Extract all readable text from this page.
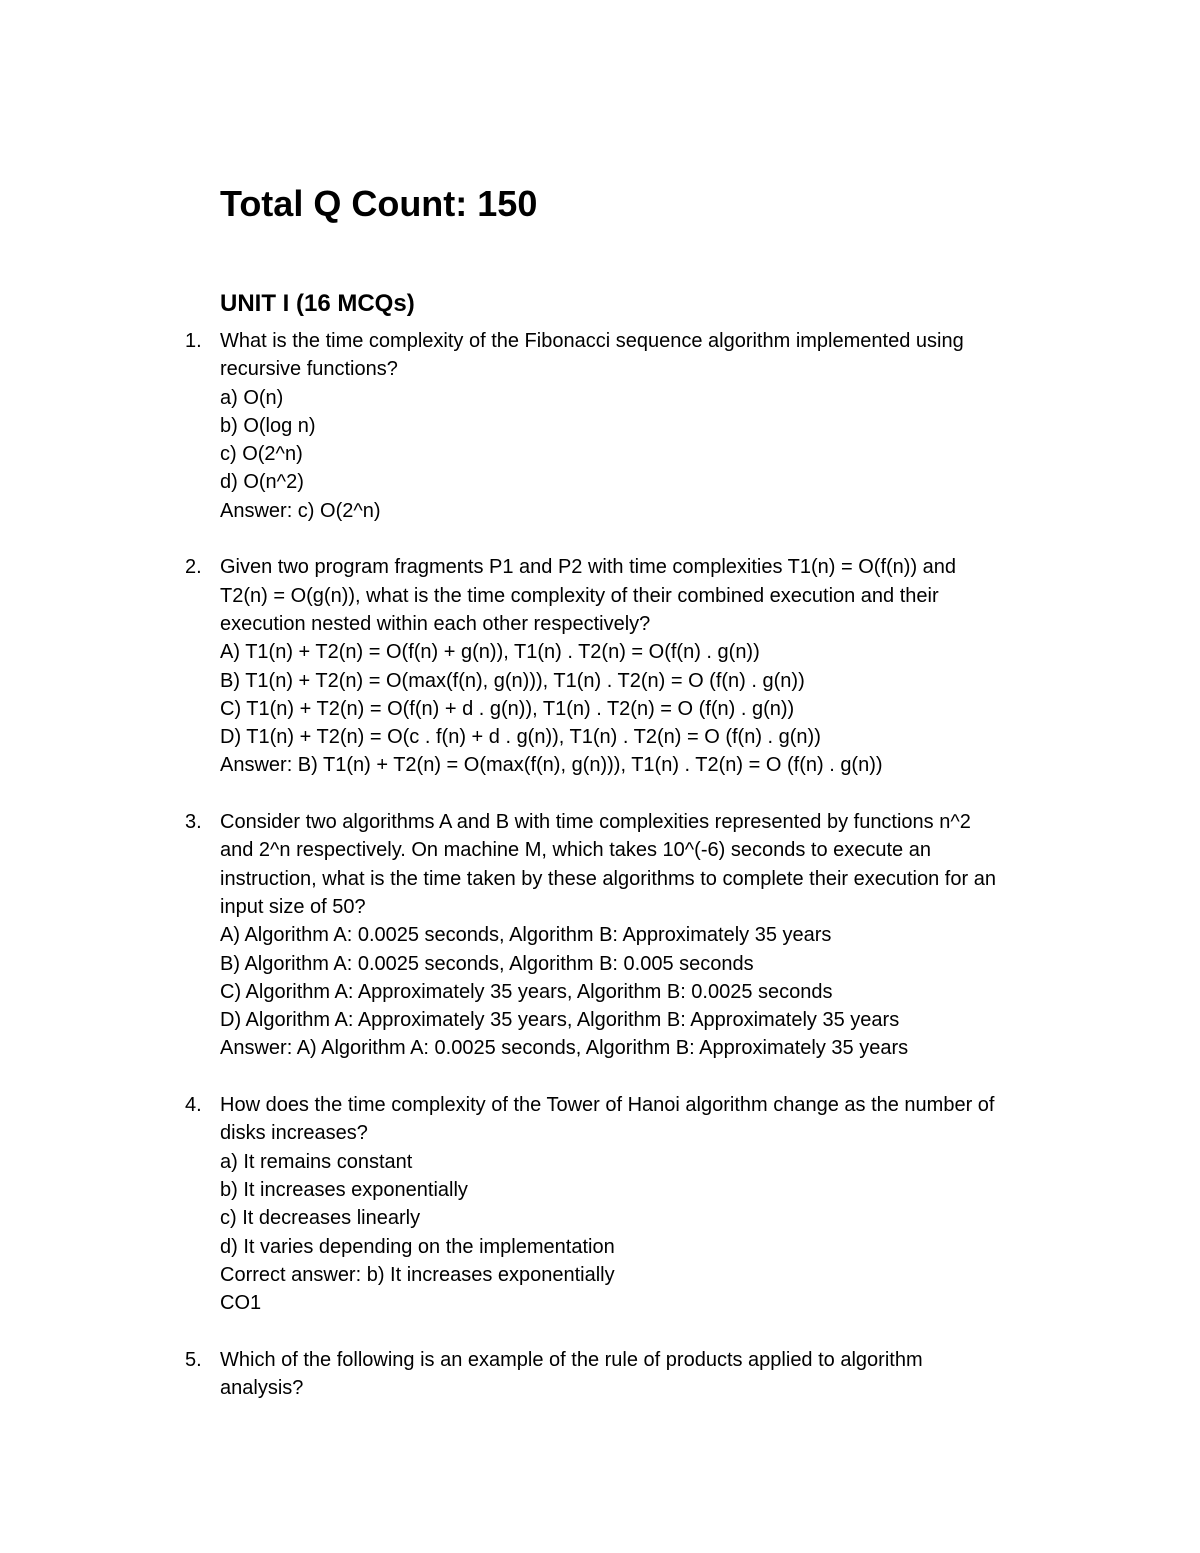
Total Q Count: 150
UNIT I (16 MCQs)
1. What is the time complexity of the Fibonacci sequence algorithm implemented using
recursive functions?
a) O(n)
b) O(log n)
c) O(2^n)
d) O(n^2)
Answer: c) O(2^n)
2. Given two program fragments P1 and P2 with time complexities T1(n) = O(f(n)) and
T2(n) = O(g(n)), what is the time complexity of their combined execution and their
execution nested within each other respectively?
A) T1(n) + T2(n) = O(f(n) + g(n)), T1(n) . T2(n) = O(f(n) . g(n))
B) T1(n) + T2(n) = O(max(f(n), g(n))), T1(n) . T2(n) = O (f(n) . g(n))
C) T1(n) + T2(n) = O(f(n) + d . g(n)), T1(n) . T2(n) = O (f(n) . g(n))
D) T1(n) + T2(n) = O(c . f(n) + d . g(n)), T1(n) . T2(n) = O (f(n) . g(n))
Answer: B) T1(n) + T2(n) = O(max(f(n), g(n))), T1(n) . T2(n) = O (f(n) . g(n))
3. Consider two algorithms A and B with time complexities represented by functions n^2
and 2^n respectively. On machine M, which takes 10^(-6) seconds to execute an
instruction, what is the time taken by these algorithms to complete their execution for an
input size of 50?
A) Algorithm A: 0.0025 seconds, Algorithm B: Approximately 35 years
B) Algorithm A: 0.0025 seconds, Algorithm B: 0.005 seconds
C) Algorithm A: Approximately 35 years, Algorithm B: 0.0025 seconds
D) Algorithm A: Approximately 35 years, Algorithm B: Approximately 35 years
Answer: A) Algorithm A: 0.0025 seconds, Algorithm B: Approximately 35 years
4. How does the time complexity of the Tower of Hanoi algorithm change as the number of
disks increases?
a) It remains constant
b) It increases exponentially
c) It decreases linearly
d) It varies depending on the implementation
Correct answer: b) It increases exponentially
CO1
5. Which of the following is an example of the rule of products applied to algorithm
analysis?
